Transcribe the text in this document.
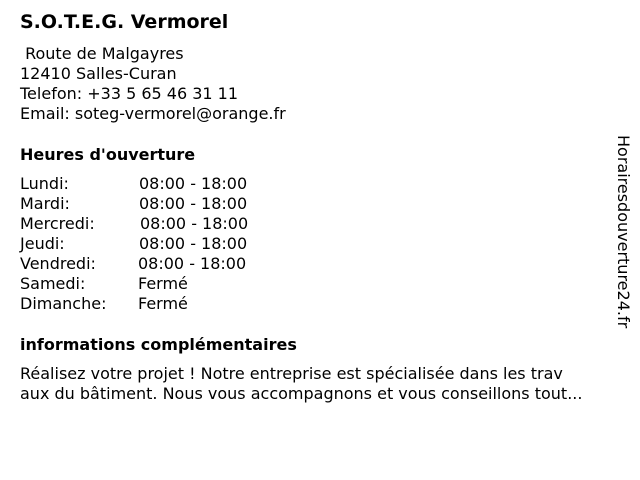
S.O.T.E.G. Vermorel
Route de Malgayres
12410 Salles-Curan
Telefon: +33 5 65 46 31 11
Email: soteg-vermorel@orange.fr
Heures d'ouverture
Lundi:	08:00 - 18:00
Mardi:	08:00 - 18:00
Mercredi:	08:00 - 18:00
Jeudi:	08:00 - 18:00
Vendredi:	08:00 - 18:00
Samedi:	Fermé
Dimanche: Fermé
informations complémentaires
Réalisez votre projet ! Notre entreprise est spécialisée dans les trav
aux du bâtiment. Nous vous accompagnons et vous conseillons tout...
Horairesdouverture24.fr
